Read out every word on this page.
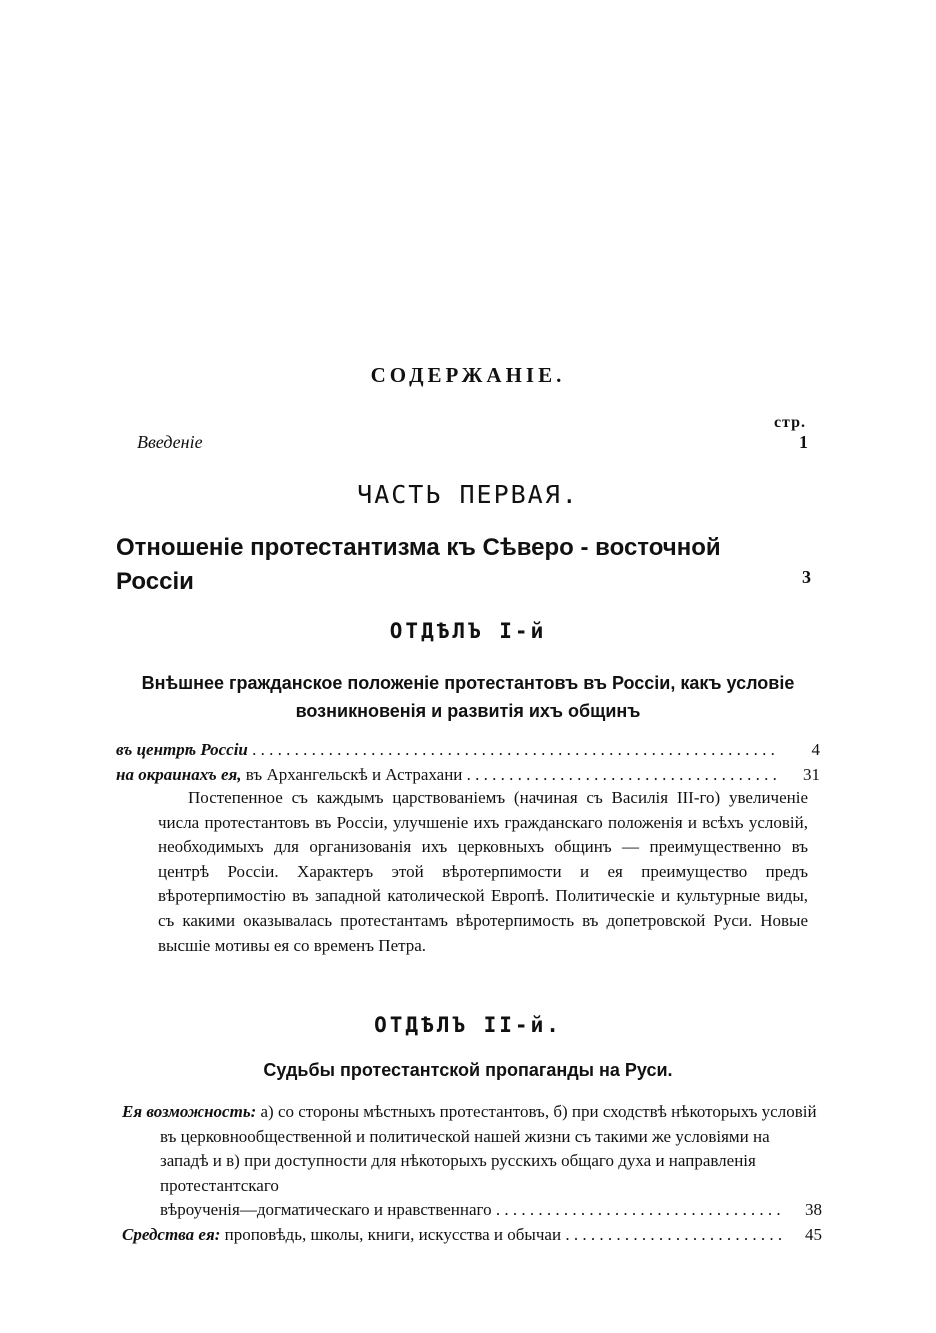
СОДЕРЖАНІЕ.
стр.
Введеніе	1
ЧАСТЬ ПЕРВАЯ.
Отношеніе протестантизма къ Сѣверо - восточной
Россіи	3
ОТДѢЛЪ I-й
Внѣшнее гражданское положеніе протестантовъ въ Россіи, какъ условіе возникновенія и развитія ихъ общинъ
въ центрѣ Россіи . . .	4
на окраинахъ ея, въ Архангельскѣ и Астрахани . . .	31
Постепенное съ каждымъ царствованіемъ (начиная съ Василія III-го) увеличеніе числа протестантовъ въ Россіи, улучшеніе ихъ гражданскаго положенія и всѣхъ условій, необходимыхъ для организованія ихъ церковныхъ общинъ — преимущественно въ центрѣ Россіи. Характеръ этой вѣротерпимости и ея преимущество предъ вѣротерпимостію въ западной католической Европѣ. Политическіе и культурные виды, съ какими оказывалась протестантамъ вѣротерпимость въ допетровской Руси. Новые высшіе мотивы ея со временъ Петра.
ОТДѢЛЪ II-й.
Судьбы протестантской пропаганды на Руси.
Ея возможность: а) со стороны мѣстныхъ протестантовъ, б) при сходствѣ нѣкоторыхъ условій въ церковнообщественной и политической нашей жизни съ такими же условіями на западѣ и в) при доступности для нѣкоторыхъ русскихъ общаго духа и направленія протестантскаго
вѣроученія—догматическаго и нравственнаго . . .	38
Средства ея: проповѣдь, школы, книги, искусства и обычаи . . .	45
